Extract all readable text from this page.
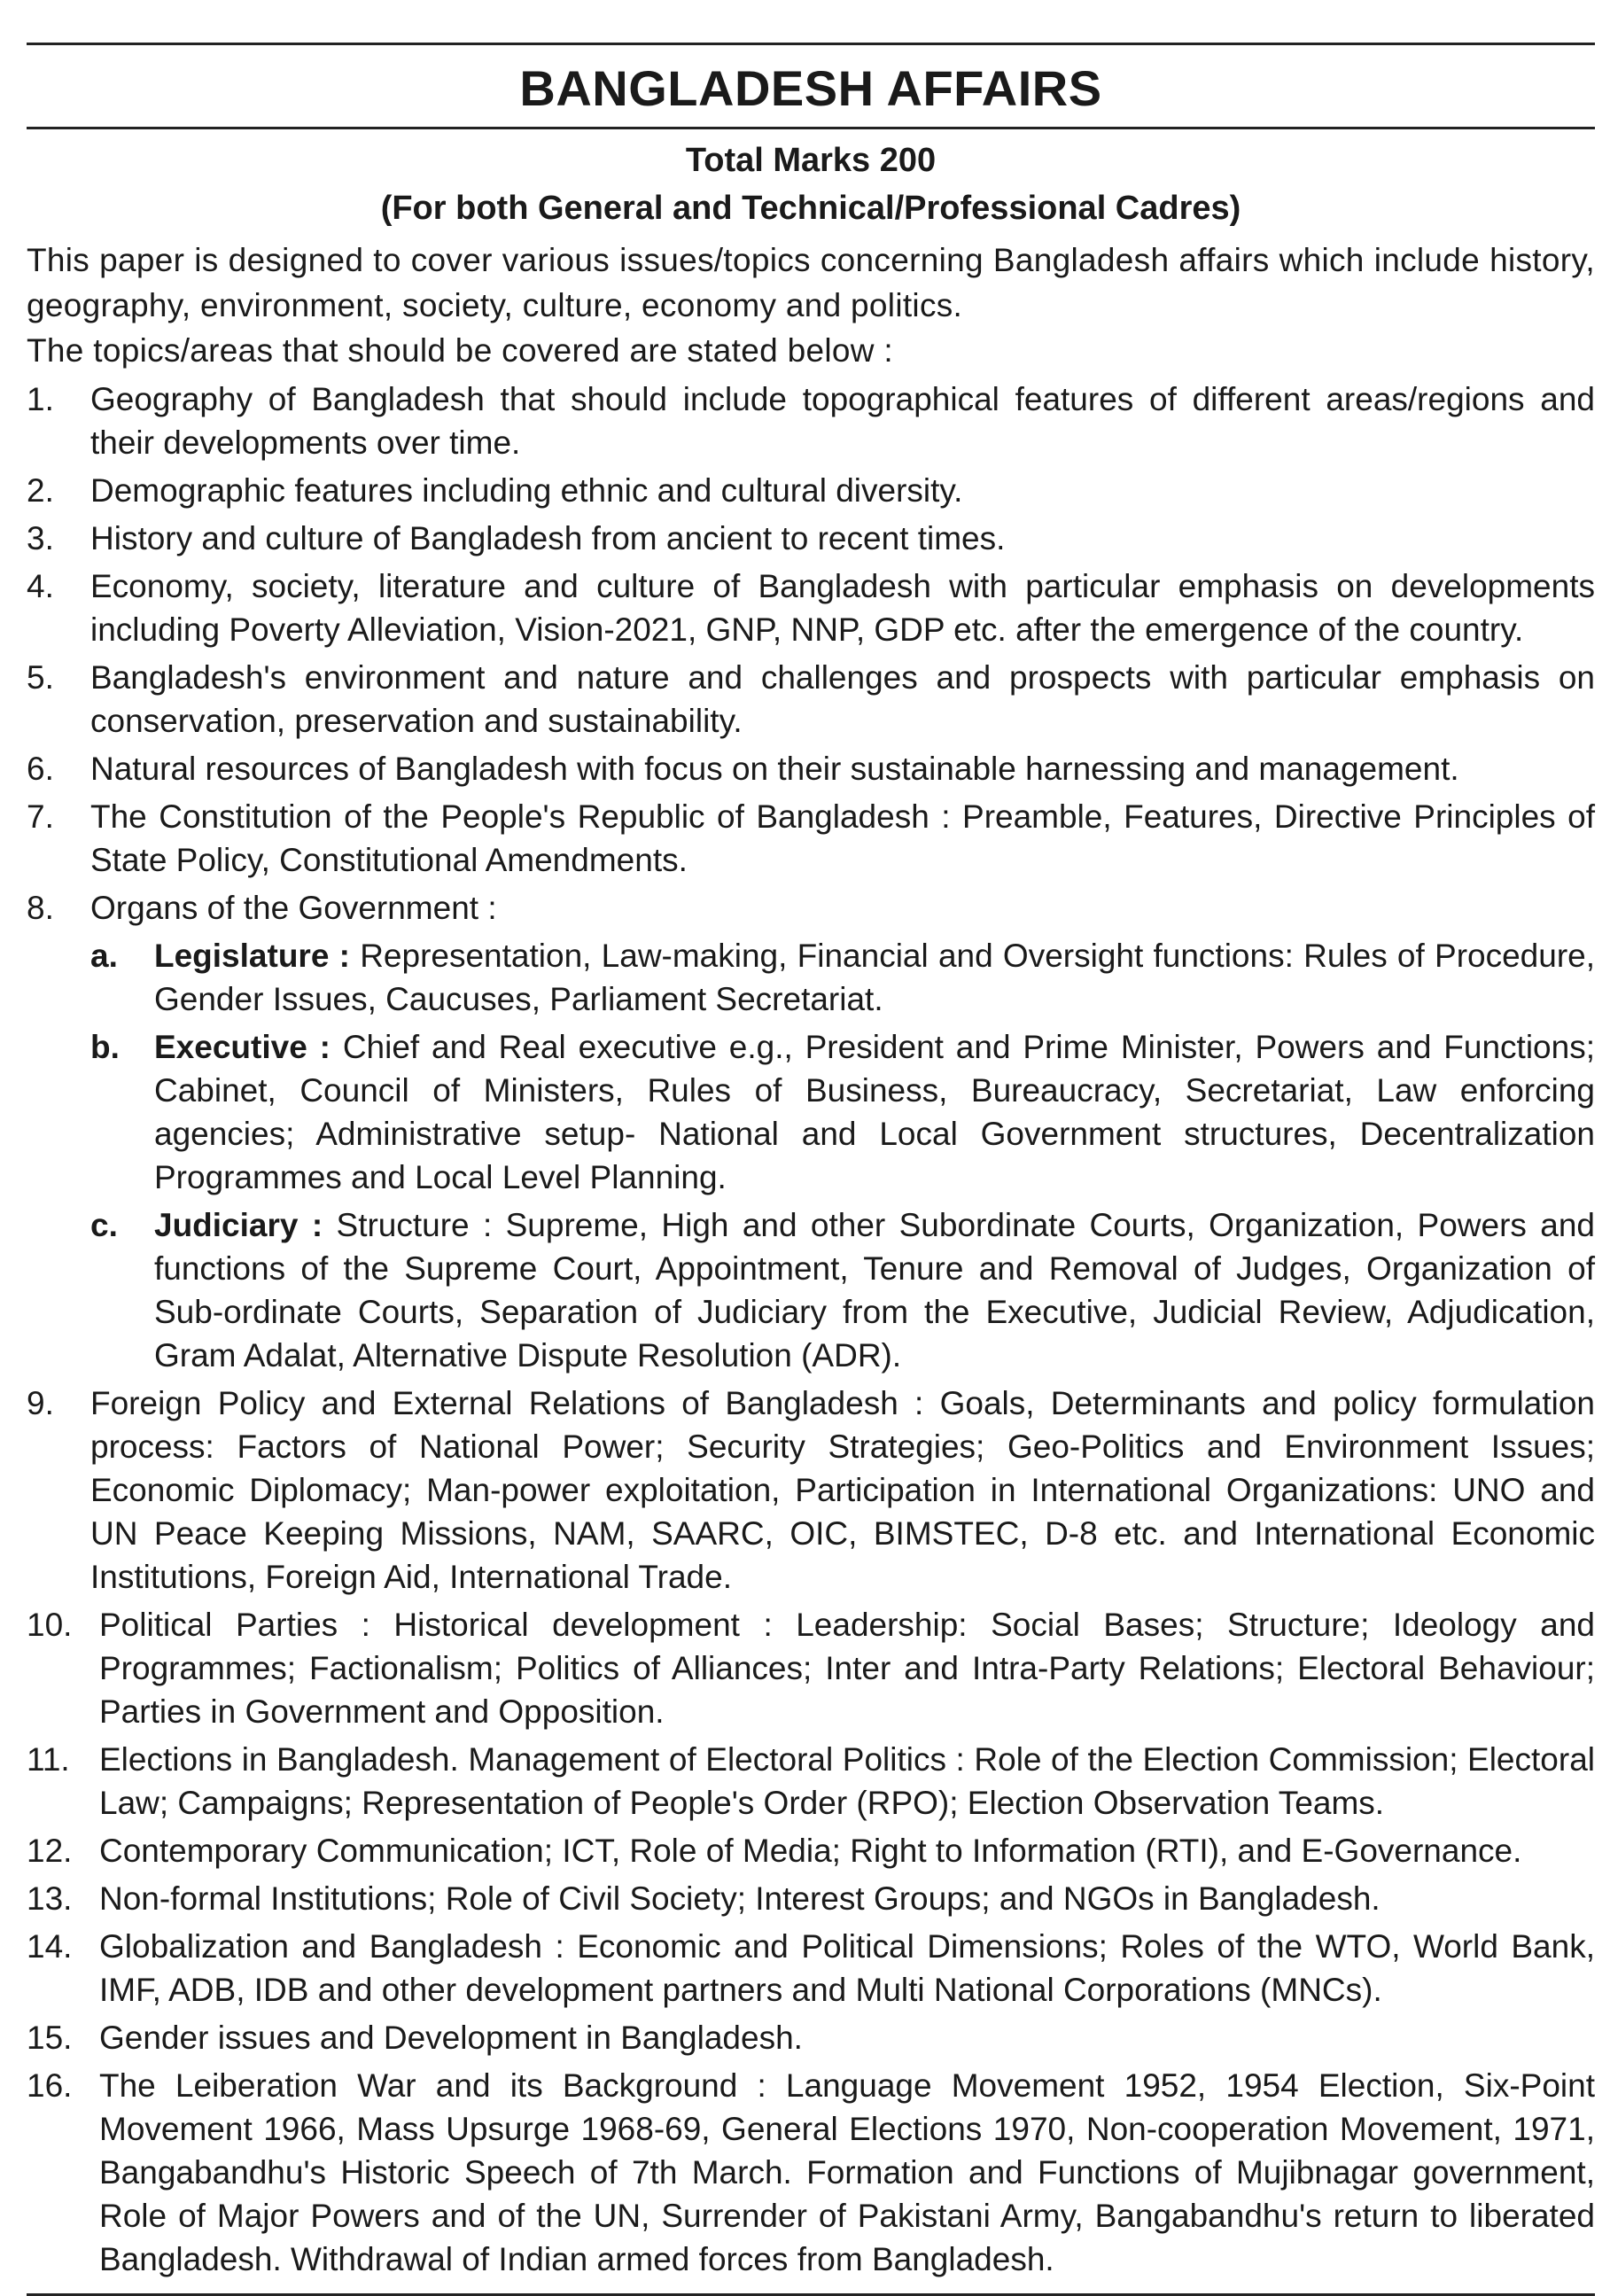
BANGLADESH AFFAIRS

Total Marks 200

(For both General and Technical/Professional Cadres)

This paper is designed to cover various issues/topics concerning Bangladesh affairs which include history, geography, environment, society, culture, economy and politics.

The topics/areas that should be covered are stated below :

1. Geography of Bangladesh that should include topographical features of different areas/regions and their developments over time.
2. Demographic features including ethnic and cultural diversity.
3. History and culture of Bangladesh from ancient to recent times.
4. Economy, society, literature and culture of Bangladesh with particular emphasis on developments including Poverty Alleviation, Vision-2021, GNP, NNP, GDP etc. after the emergence of the country.
5. Bangladesh's environment and nature and challenges and prospects with particular emphasis on conservation, preservation and sustainability.
6. Natural resources of Bangladesh with focus on their sustainable harnessing and management.
7. The Constitution of the People's Republic of Bangladesh : Preamble, Features, Directive Principles of State Policy, Constitutional Amendments.
8. Organs of the Government :
a. Legislature : Representation, Law-making, Financial and Oversight functions: Rules of Procedure, Gender Issues, Caucuses, Parliament Secretariat.
b. Executive : Chief and Real executive e.g., President and Prime Minister, Powers and Functions; Cabinet, Council of Ministers, Rules of Business, Bureaucracy, Secretariat, Law enforcing agencies; Administrative setup- National and Local Government structures, Decentralization Programmes and Local Level Planning.
c. Judiciary : Structure : Supreme, High and other Subordinate Courts, Organization, Powers and functions of the Supreme Court, Appointment, Tenure and Removal of Judges, Organization of Sub-ordinate Courts, Separation of Judiciary from the Executive, Judicial Review, Adjudication, Gram Adalat, Alternative Dispute Resolution (ADR).
9. Foreign Policy and External Relations of Bangladesh : Goals, Determinants and policy formulation process: Factors of National Power; Security Strategies; Geo-Politics and Environment Issues; Economic Diplomacy; Man-power exploitation, Participation in International Organizations: UNO and UN Peace Keeping Missions, NAM, SAARC, OIC, BIMSTEC, D-8 etc. and International Economic Institutions, Foreign Aid, International Trade.
10. Political Parties : Historical development : Leadership: Social Bases; Structure; Ideology and Programmes; Factionalism; Politics of Alliances; Inter and Intra-Party Relations; Electoral Behaviour; Parties in Government and Opposition.
11. Elections in Bangladesh. Management of Electoral Politics : Role of the Election Commission; Electoral Law; Campaigns; Representation of People's Order (RPO); Election Observation Teams.
12. Contemporary Communication; ICT, Role of Media; Right to Information (RTI), and E-Governance.
13. Non-formal Institutions; Role of Civil Society; Interest Groups; and NGOs in Bangladesh.
14. Globalization and Bangladesh : Economic and Political Dimensions; Roles of the WTO, World Bank, IMF, ADB, IDB and other development partners and Multi National Corporations (MNCs).
15. Gender issues and Development in Bangladesh.
16. The Leiberation War and its Background : Language Movement 1952, 1954 Election, Six-Point Movement 1966, Mass Upsurge 1968-69, General Elections 1970, Non-cooperation Movement, 1971, Bangabandhu's Historic Speech of 7th March. Formation and Functions of Mujibnagar government, Role of Major Powers and of the UN, Surrender of Pakistani Army, Bangabandhu's return to liberated Bangladesh. Withdrawal of Indian armed forces from Bangladesh.
